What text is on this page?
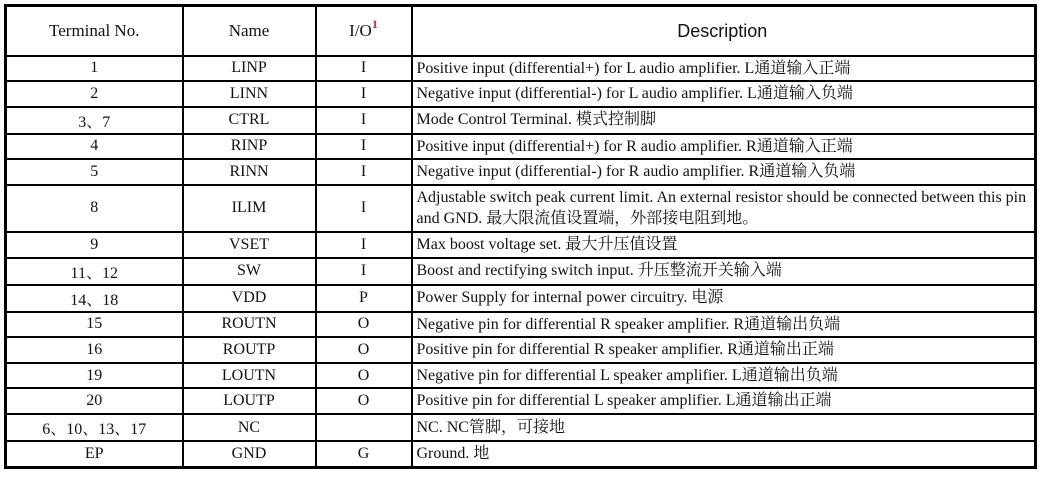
Terminal No.	Name	$I/O^1$	Description
1	LINP	I	Positive input (differential+) for L audio amplifier. L通道输入正端
2	LINN	I	Negative input (differential-) for L audio amplifier. L通道输入负端
3、7	CTRL	I	Mode Control Terminal. 模式控制脚
4	RINP	I	Positive input (differential+) for R audio amplifier. R通道输入正端
5	RINN	I	Negative input (differential-) for R audio amplifier. R通道输入负端
8	ILIM	I	Adjustable switch peak current limit. An external resistor should be connected between this pin and GND. 最大限流值设置端，外部接电阻到地。
9	VSET	I	Max boost voltage set. 最大升压值设置
11、12	SW	I	Boost and rectifying switch input. 升压整流开关输入端
14、18	VDD	P	Power Supply for internal power circuitry. 电源
15	ROUTN	O	Negative pin for differential R speaker amplifier. R通道输出负端
16	ROUTP	O	Positive pin for differential R speaker amplifier. R通道输出正端
19	LOUTN	O	Negative pin for differential L speaker amplifier. L通道输出负端
20	LOUTP	O	Positive pin for differential L speaker amplifier. L通道输出正端
6、10、13、17	NC		NC. NC管脚，可接地
EP	GND	G	Ground. 地
